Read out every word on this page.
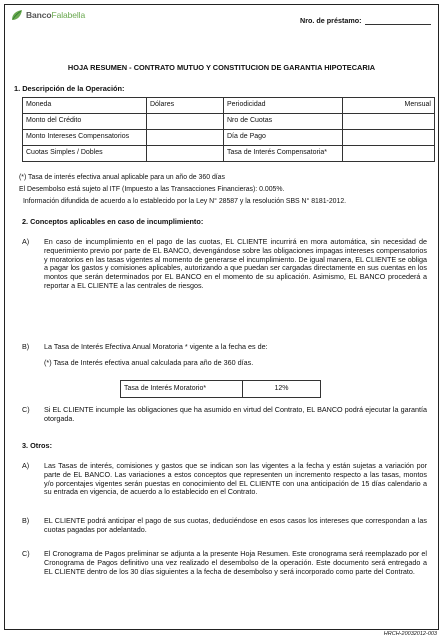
BancoFalabella
Nro. de préstamo:
HOJA RESUMEN - CONTRATO MUTUO Y CONSTITUCION DE GARANTIA HIPOTECARIA
1. Descripción de la Operación:
Moneda	Dólares	Periodicidad	Mensual
Monto del Crédito		Nro de Cuotas	
Monto Intereses Compensatorios		Día de Pago	
Cuotas Simples / Dobles		Tasa de Interés Compensatoria*	
(*) Tasa de interés efectiva anual aplicable para un año de 360 días
El Desembolso está sujeto al ITF (Impuesto a las Transacciones Financieras): 0.005%.
Información difundida de acuerdo a lo establecido por la Ley N° 28587 y la resolución SBS N° 8181-2012.
2. Conceptos aplicables en caso de incumplimiento:
A)	En caso de incumplimiento en el pago de las cuotas, EL CLIENTE incurrirá en mora automática, sin necesidad de requerimiento previo por parte de EL BANCO, devengándose sobre las obligaciones impagas intereses compensatorios y moratorios en las tasas vigentes al momento de generarse el incumplimiento. De igual manera, EL CLIENTE se obliga a pagar los gastos y comisiones aplicables, autorizando a que puedan ser cargadas directamente en sus cuentas en los montos que serán determinados por EL BANCO en el momento de su aplicación. Asimismo, EL BANCO procederá a reportar a EL CLIENTE a las centrales de riesgos.
B)	La Tasa de Interés Efectiva Anual Moratoria * vigente a la fecha es de:
(*) Tasa de Interés efectiva anual calculada para año de 360 días.
Tasa de Interés Moratorio*	12%
C)	Si EL CLIENTE incumple las obligaciones que ha asumido en virtud del Contrato, EL BANCO podrá ejecutar la garantía otorgada.
3. Otros:
A)	Las Tasas de interés, comisiones y gastos que se indican son las vigentes a la fecha y están sujetas a variación por parte de EL BANCO. Las variaciones a estos conceptos que representen un incremento respecto a las tasas, montos y/o porcentajes vigentes serán puestas en conocimiento del EL CLIENTE con una anticipación de 15 días calendario a su entrada en vigencia, de acuerdo a lo establecido en el Contrato.
B)	EL CLIENTE podrá anticipar el pago de sus cuotas, deduciéndose en esos casos los intereses que correspondan a las cuotas pagadas por adelantado.
C)	El Cronograma de Pagos preliminar se adjunta a la presente Hoja Resumen. Este cronograma será reemplazado por el Cronograma de Pagos definitivo una vez realizado el desembolso de la operación. Este documento será entregado a EL CLIENTE dentro de los 30 días siguientes a la fecha de desembolso y será incorporado como parte del Contrato.
HRCH-20032012-003
